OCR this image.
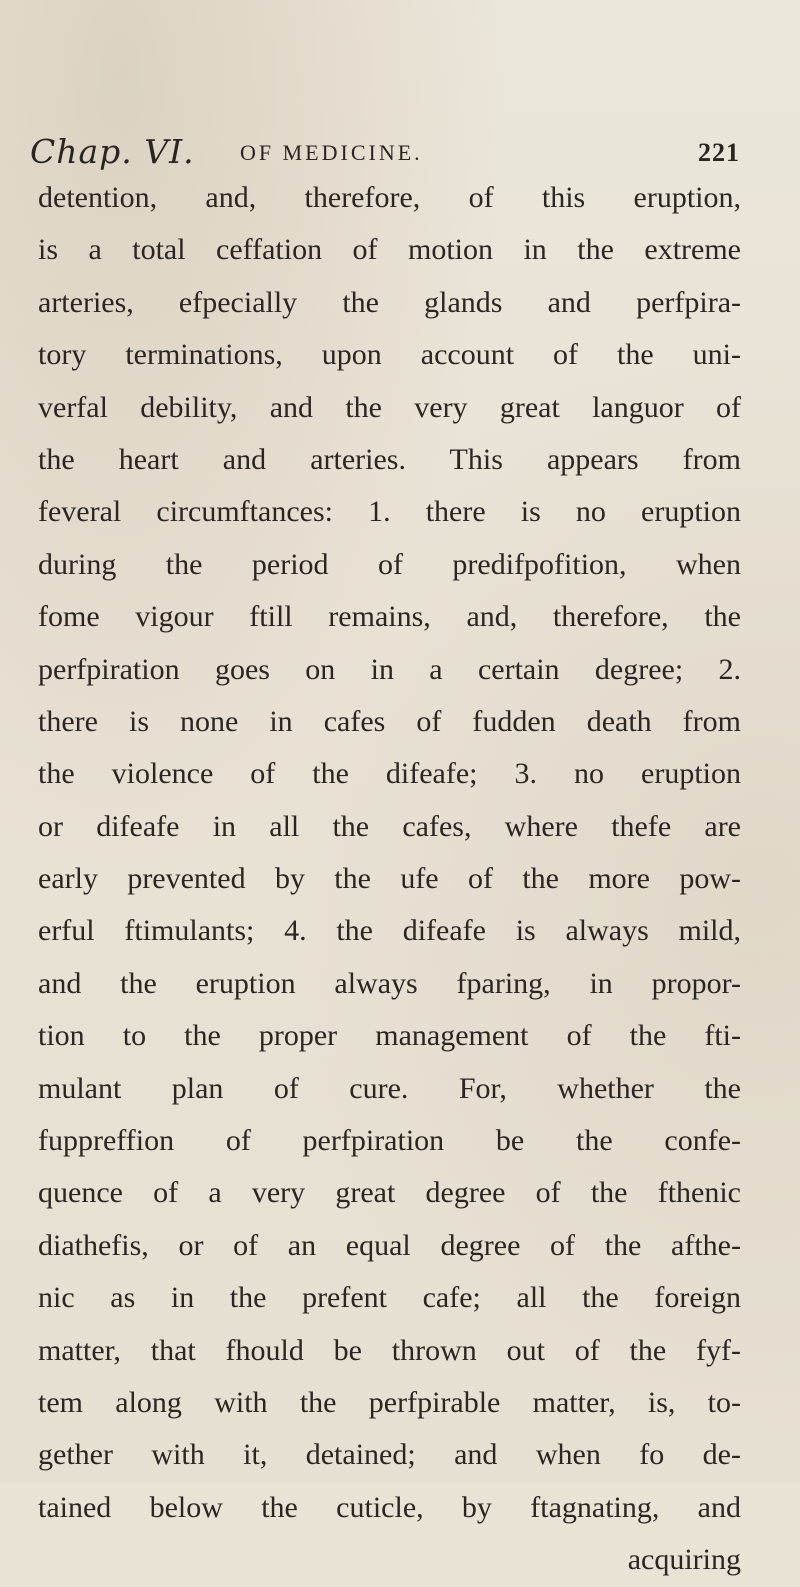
Chap. VI. OF MEDICINE.	221
detention, and, therefore, of this eruption,
is a total ceffation of motion in the extreme
arteries, efpecially the glands and perfpira-
tory terminations, upon account of the uni-
verfal debility, and the very great languor of
the heart and arteries. This appears from
feveral circumftances: 1. there is no eruption
during the period of predifpofition, when
fome vigour ftill remains, and, therefore, the
perfpiration goes on in a certain degree; 2.
there is none in cafes of fudden death from
the violence of the difeafe; 3. no eruption
or difeafe in all the cafes, where thefe are
early prevented by the ufe of the more pow-
erful ftimulants; 4. the difeafe is always mild,
and the eruption always fparing, in propor-
tion to the proper management of the fti-
mulant plan of cure. For, whether the
fuppreffion of perfpiration be the confe-
quence of a very great degree of the fthenic
diathefis, or of an equal degree of the afthe-
nic as in the prefent cafe; all the foreign
matter, that fhould be thrown out of the fyf-
tem along with the perfpirable matter, is, to-
gether with it, detained; and when fo de-
tained below the cuticle, by ftagnating, and
acquiring
